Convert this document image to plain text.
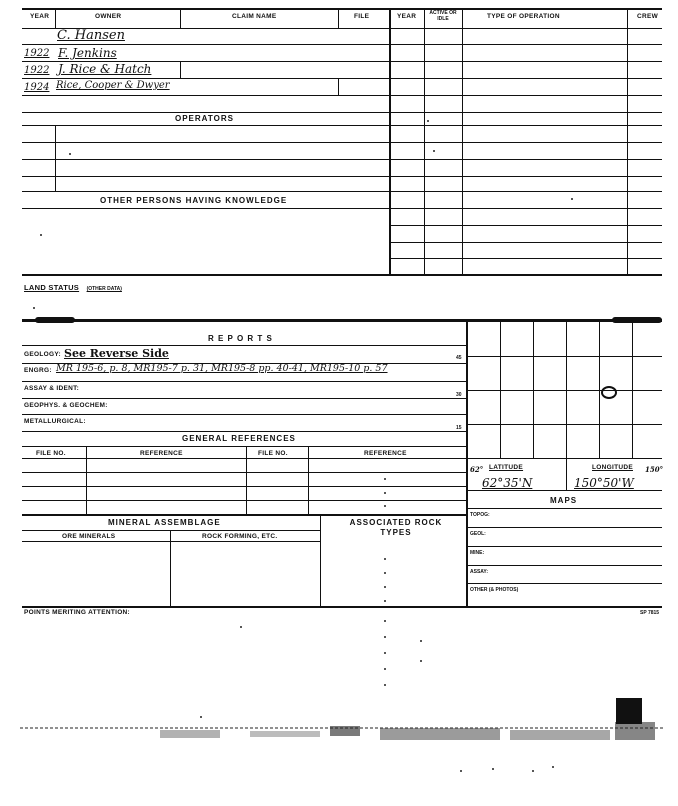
YEAR	OWNER	CLAIM NAME	FILE	YEAR	ACTIVE OR IDLE	TYPE OF OPERATION	CREW
C. Hansen
1922 F. Jenkins
1922 J. Rice & Hatch
1924 Rice, Cooper & Dwyer
OPERATORS
OTHER PERSONS HAVING KNOWLEDGE
LAND STATUS (OTHER DATA)
R E P O R T S
GEOLOGY: See Reverse Side	45
ENGRG: MR 195-6, p. 8, MR195-7 p. 31, MR195-8 pp. 40-41, MR195-10 p. 57
ASSAY & IDENT:
30
GEOPHYS. & GEOCHEM:
METALLURGICAL:
15
GENERAL REFERENCES
FILE NO.	REFERENCE	FILE NO.	REFERENCE
MINERAL ASSEMBLAGE
ORE MINERALS	ROCK FORMING, ETC.
ASSOCIATED ROCK TYPES
POINTS MERITING ATTENTION:	SP 7815
62° LATITUDE	LONGITUDE 150°
62°35'N	150°50'W
MAPS
TOPOG:
GEOL:
MINE:
ASSAY:
OTHER (& PHOTOS)
